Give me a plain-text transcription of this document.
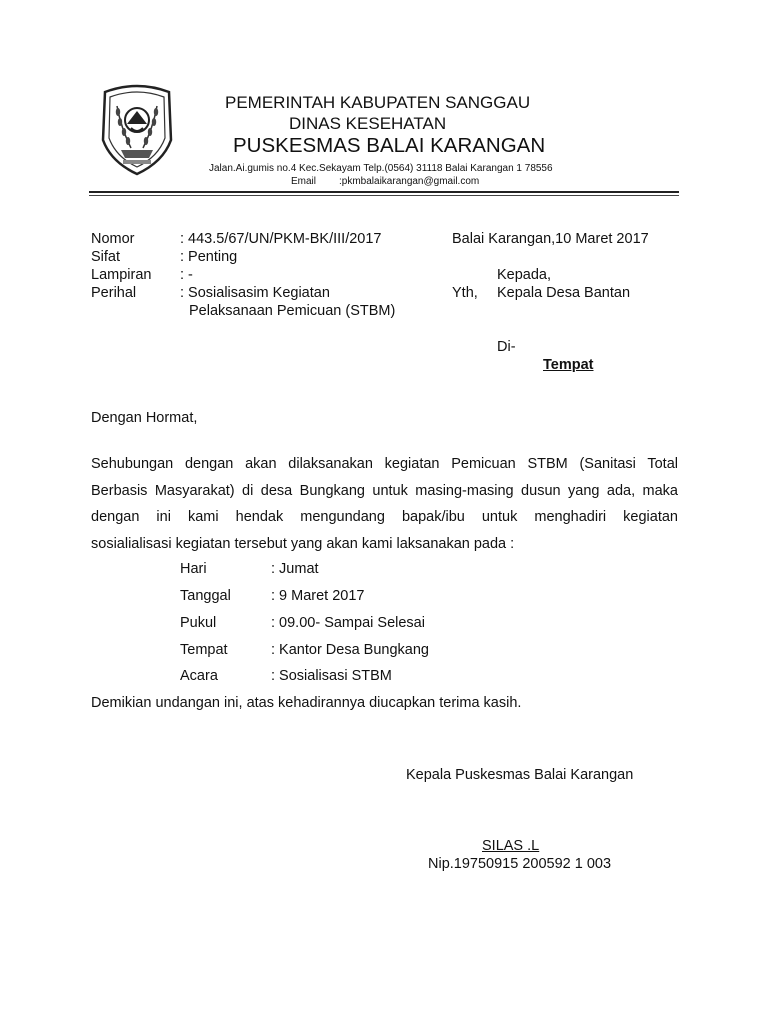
PEMERINTAH KABUPATEN SANGGAU
DINAS KESEHATAN
PUSKESMAS BALAI KARANGAN
Jalan.Ai.gumis no.4 Kec.Sekayam Telp.(0564) 31118 Balai Karangan 1 78556
Email :pkmbalaikarangan@gmail.com
Nomor	: 443.5/67/UN/PKM-BK/III/2017
Sifat	: Penting
Lampiran : -
Perihal	: Sosialisasim Kegiatan
Pelaksanaan Pemicuan (STBM)
Balai Karangan,10 Maret 2017
Kepada,
Yth, Kepala Desa Bantan
Di-
Tempat
Dengan Hormat,
Sehubungan dengan akan dilaksanakan kegiatan Pemicuan STBM (Sanitasi Total
Berbasis Masyarakat) di desa Bungkang untuk masing-masing dusun yang ada, maka
dengan ini kami hendak mengundang bapak/ibu untuk menghadiri kegiatan
sosialialisasi kegiatan tersebut yang akan kami laksanakan pada :
Hari	: Jumat
Tanggal	: 9 Maret 2017
Pukul	: 09.00- Sampai Selesai
Tempat	: Kantor Desa Bungkang
Acara	: Sosialisasi STBM
Demikian undangan ini, atas kehadirannya diucapkan terima kasih.
Kepala Puskesmas Balai Karangan
SILAS .L
Nip.19750915 200592 1 003
